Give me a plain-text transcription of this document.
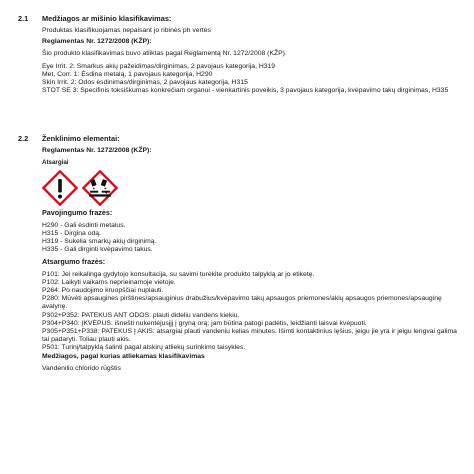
2.1 Medžiagos ar mišinio klasifikavimas:
Produktas klasifikuojamas nepaisant jo ribinės ph vertės
Reglamentas Nr. 1272/2008 (KŽP):
Šio produkto klasifikavimas buvo atliktas pagal Reglamentą Nr. 1272/2008 (KŽP).
Eye Irrit. 2: Smarkus akių pažeidimas/dirginimas, 2 pavojaus kategorija, H319
Met. Corr. 1: Ėsdina metalą, 1 pavojaus kategorija, H290
Skin Irrit. 2: Odos ėsdinimas/dirginimas, 2 pavojaus kategorija, H315
STOT SE 3: Specifinis toksiškumas konkrečiam organui - vienkartinis poveikis, 3 pavojaus kategorija, kvėpavimo takų dirginimas, H335
2.2 Ženklinimo elementai:
Reglamentas Nr. 1272/2008 (KŽP):
Atsargiai
Pavojingumo frazės:
H290 - Gali ėsdinti metalus.
H315 - Dirgina odą.
H319 - Sukelia smarkų akių dirginimą.
H335 - Gali dirginti kvėpavimo takus.
Atsargumo frazės:
P101: Jei reikalinga gydytojo konsultacija, su savimi turėkite produkto talpyklą ar jo etiketę.
P102: Laikyti vaikams neprieinamoje vietoje.
P264: Po naudojimo kruopščiai nuplauti.
P280: Mūvėti apsaugines pirštines/apsauginius drabužius/kvėpavimo takų apsaugos priemones/akių apsaugos priemones/apsauginę avalynę.
P302+P352: PATEKUS ANT ODOS: plauti dideliu vandens kiekiu.
P304+P340: ĮKVĖPUS: išnešti nukentėjusįjį į gryną orą; jam būtina patogi padėtis, leidžianti laisvai kvėpuoti.
P305+P351+P338: PATEKUS Į AKIS: atsargiai plauti vandeniu kelias minutes. Išimti kontaktinius lęšius, jeigu jie yra ir jeigu lengvai galima tai padaryti. Toliau plauti akis.
P501: Turinį/talpyklą šalinti pagal atskirų atliekų surinkimo taisykles.
Medžiagos, pagal kurias atliekamas klasifikavimas
Vandenilio chlorido rūgštis
